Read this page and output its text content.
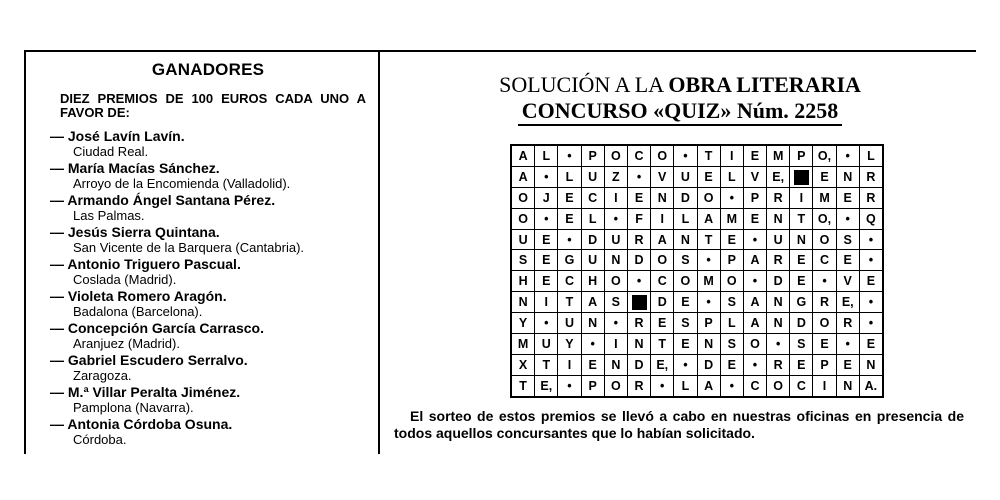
GANADORES
DIEZ PREMIOS DE 100 EUROS CADA UNO A FAVOR DE:
— José Lavín Lavín.
Ciudad Real.
— María Macías Sánchez.
Arroyo de la Encomienda (Valladolid).
— Armando Ángel Santana Pérez.
Las Palmas.
— Jesús Sierra Quintana.
San Vicente de la Barquera (Cantabria).
— Antonio Triguero Pascual.
Coslada (Madrid).
— Violeta Romero Aragón.
Badalona (Barcelona).
— Concepción García Carrasco.
Aranjuez (Madrid).
— Gabriel Escudero Serralvo.
Zaragoza.
— M.ª Villar Peralta Jiménez.
Pamplona (Navarra).
— Antonia Córdoba Osuna.
Córdoba.
SOLUCIÓN A LA OBRA LITERARIA
CONCURSO «QUIZ» Núm. 2258
A	L	•	P	O	C	O	•	T	I	E	M	P	O,	•	L
A	•	L	U	Z	•	V	U	E	L	V	E,		E	N	R
O	J	E	C	I	E	N	D	O	•	P	R	I	M	E	R
O	•	E	L	•	F	I	L	A	M	E	N	T	O,	•	Q
U	E	•	D	U	R	A	N	T	E	•	U	N	O	S	•
S	E	G	U	N	D	O	S	•	P	A	R	E	C	E	•
H	E	C	H	O	•	C	O	M	O	•	D	E	•	V	E
N	I	T	A	S		D	E	•	S	A	N	G	R	E,	•
Y	•	U	N	•	R	E	S	P	L	A	N	D	O	R	•
M	U	Y	•	I	N	T	E	N	S	O	•	S	E	•	E
X	T	I	E	N	D	E,	•	D	E	•	R	E	P	E	N
T	E,	•	P	O	R	•	L	A	•	C	O	C	I	N	A.
El sorteo de estos premios se llevó a cabo en nuestras oficinas en presencia de todos aquellos concursantes que lo habían solicitado.
